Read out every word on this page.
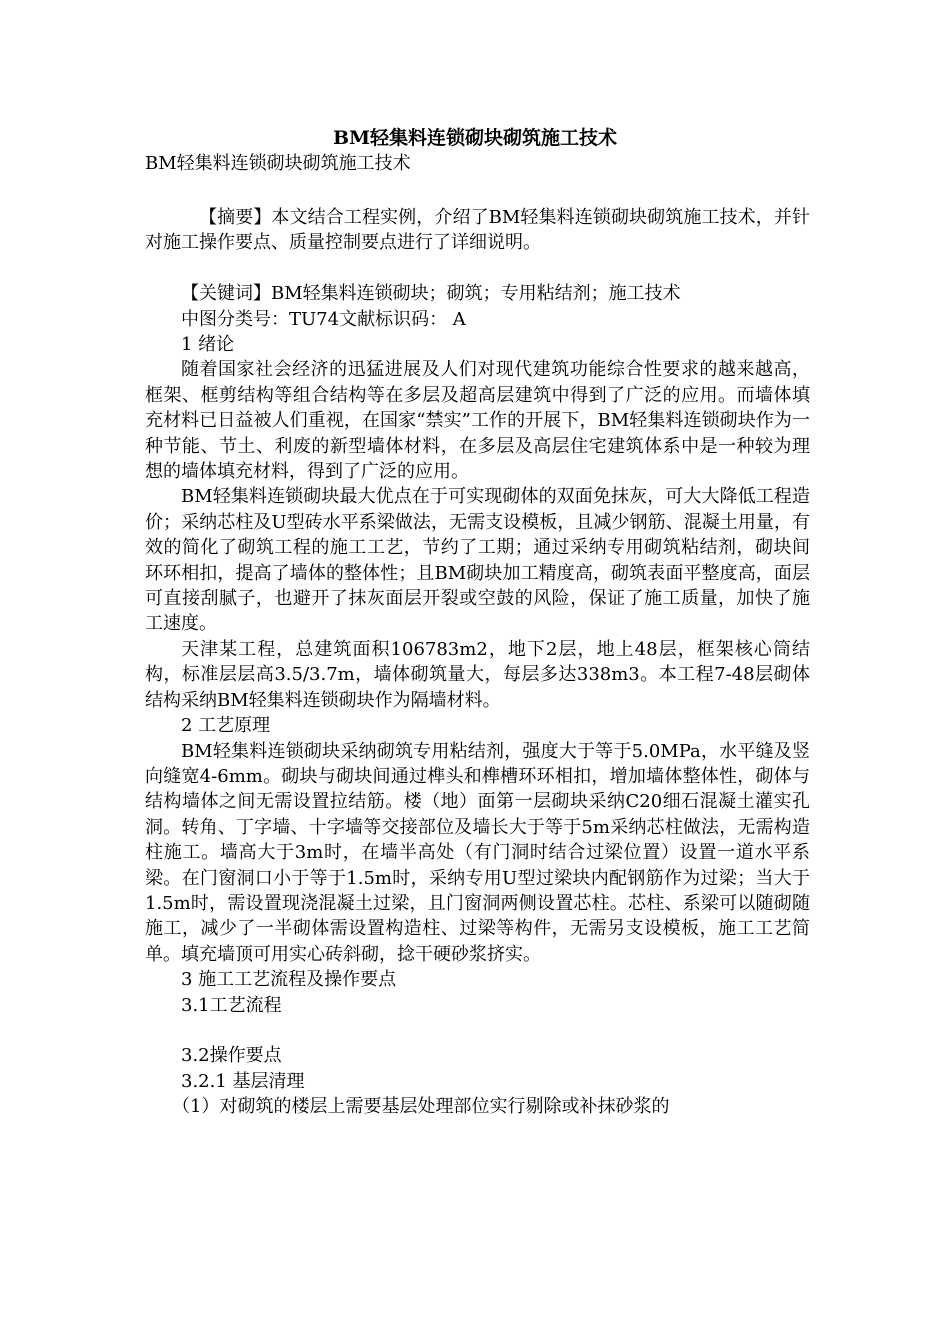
BM轻集料连锁砌块砌筑施工技术
BM轻集料连锁砌块砌筑施工技术

【摘要】本文结合工程实例，介绍了BM轻集料连锁砌块砌筑施工技术，并针对施工操作要点、质量控制要点进行了详细说明。

【关键词】BM轻集料连锁砌块；砌筑；专用粘结剂；施工技术

中图分类号：TU74文献标识码： A

1 绪论

随着国家社会经济的迅猛进展及人们对现代建筑功能综合性要求的越来越高，框架、框剪结构等组合结构等在多层及超高层建筑中得到了广泛的应用。而墙体填充材料已日益被人们重视，在国家“禁实”工作的开展下，BM轻集料连锁砌块作为一种节能、节土、利废的新型墙体材料，在多层及高层住宅建筑体系中是一种较为理想的墙体填充材料，得到了广泛的应用。

BM轻集料连锁砌块最大优点在于可实现砌体的双面免抹灰，可大大降低工程造价；采纳芯柱及U型砖水平系梁做法，无需支设模板，且减少钢筋、混凝土用量，有效的简化了砌筑工程的施工工艺，节约了工期；通过采纳专用砌筑粘结剂，砌块间环环相扣，提高了墙体的整体性；且BM砌块加工精度高，砌筑表面平整度高，面层可直接刮腻子，也避开了抹灰面层开裂或空鼓的风险，保证了施工质量，加快了施工速度。

天津某工程，总建筑面积106783m2，地下2层，地上48层，框架核心筒结构，标准层层高3.5/3.7m，墙体砌筑量大，每层多达338m3。本工程7-48层砌体结构采纳BM轻集料连锁砌块作为隔墙材料。

2 工艺原理

BM轻集料连锁砌块采纳砌筑专用粘结剂，强度大于等于5.0MPa，水平缝及竖向缝宽4-6mm。砌块与砌块间通过榫头和榫槽环环相扣，增加墙体整体性，砌体与结构墙体之间无需设置拉结筋。楼（地）面第一层砌块采纳C20细石混凝土灌实孔洞。转角、丁字墙、十字墙等交接部位及墙长大于等于5m采纳芯柱做法，无需构造柱施工。墙高大于3m时，在墙半高处（有门洞时结合过梁位置）设置一道水平系梁。在门窗洞口小于等于1.5m时，采纳专用U型过梁块内配钢筋作为过梁；当大于1.5m时，需设置现浇混凝土过梁，且门窗洞两侧设置芯柱。芯柱、系梁可以随砌随施工，减少了一半砌体需设置构造柱、过梁等构件，无需另支设模板，施工工艺简单。填充墙顶可用实心砖斜砌，捻干硬砂浆挤实。

3 施工工艺流程及操作要点

3.1工艺流程

3.2操作要点

3.2.1 基层清理

（1）对砌筑的楼层上需要基层处理部位实行剔除或补抹砂浆的
